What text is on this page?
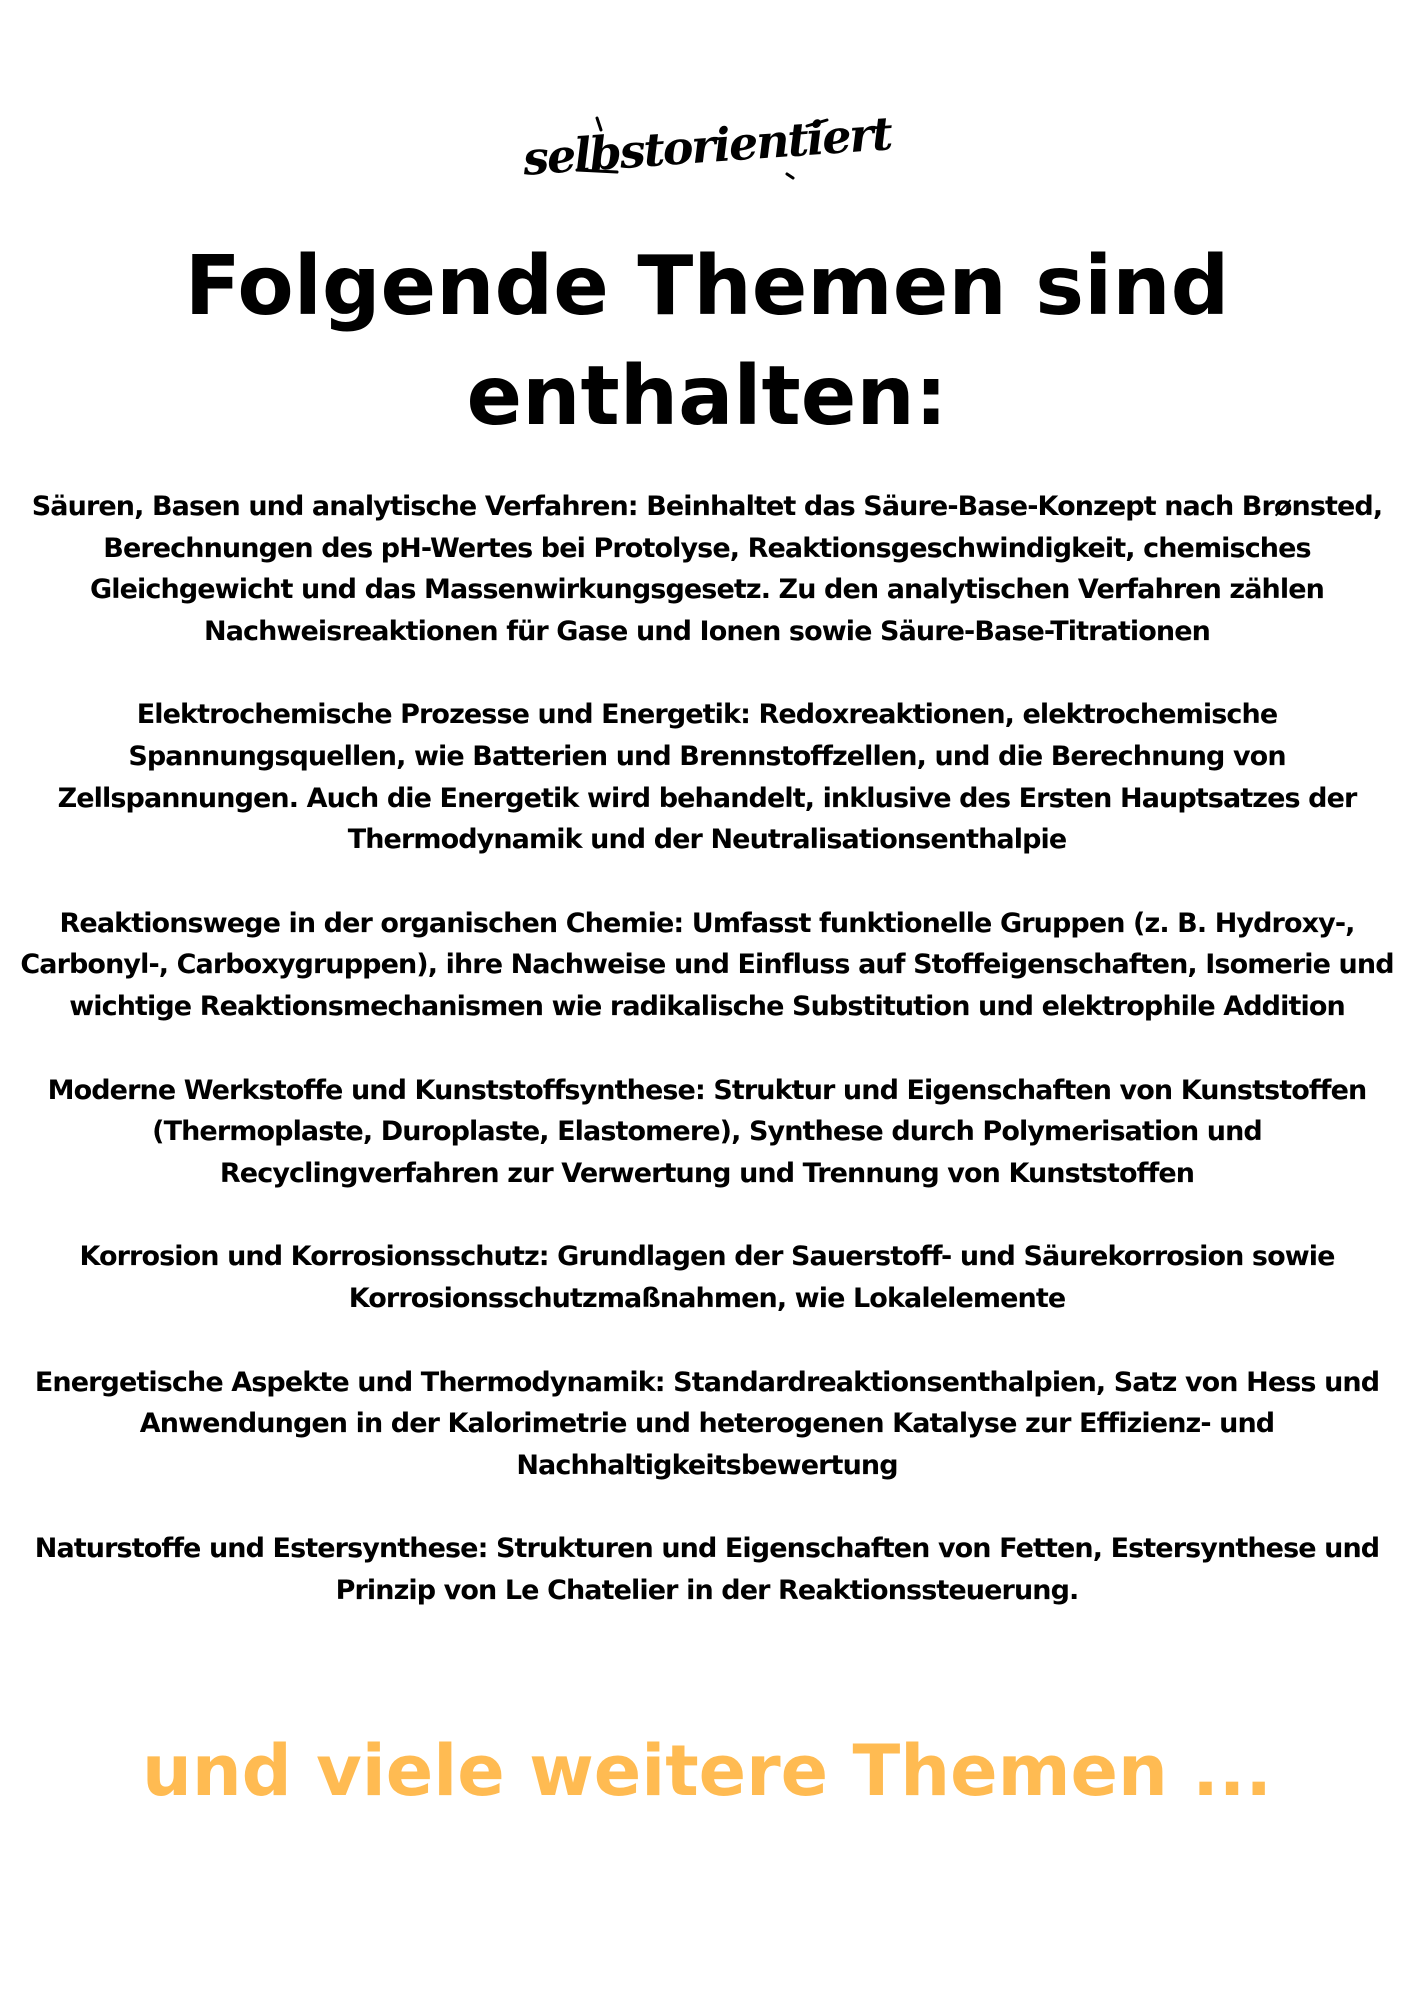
selbstorientiert
Folgende Themen sind enthalten:
Säuren, Basen und analytische Verfahren: Beinhaltet das Säure-Base-Konzept nach Brønsted, Berechnungen des pH-Wertes bei Protolyse, Reaktionsgeschwindigkeit, chemisches Gleichgewicht und das Massenwirkungsgesetz. Zu den analytischen Verfahren zählen Nachweisreaktionen für Gase und Ionen sowie Säure-Base-Titrationen
Elektrochemische Prozesse und Energetik: Redoxreaktionen, elektrochemische Spannungsquellen, wie Batterien und Brennstoffzellen, und die Berechnung von Zellspannungen. Auch die Energetik wird behandelt, inklusive des Ersten Hauptsatzes der Thermodynamik und der Neutralisationsenthalpie
Reaktionswege in der organischen Chemie: Umfasst funktionelle Gruppen (z. B. Hydroxy-, Carbonyl-, Carboxygruppen), ihre Nachweise und Einfluss auf Stoffeigenschaften, Isomerie und wichtige Reaktionsmechanismen wie radikalische Substitution und elektrophile Addition
Moderne Werkstoffe und Kunststoffsynthese: Struktur und Eigenschaften von Kunststoffen (Thermoplaste, Duroplaste, Elastomere), Synthese durch Polymerisation und Recyclingverfahren zur Verwertung und Trennung von Kunststoffen
Korrosion und Korrosionsschutz: Grundlagen der Sauerstoff- und Säurekorrosion sowie Korrosionsschutzmaßnahmen, wie Lokalelemente
Energetische Aspekte und Thermodynamik: Standardreaktionsenthalpien, Satz von Hess und Anwendungen in der Kalorimetrie und heterogenen Katalyse zur Effizienz- und Nachhaltigkeitsbewertung
Naturstoffe und Estersynthese: Strukturen und Eigenschaften von Fetten, Estersynthese und Prinzip von Le Chatelier in der Reaktionssteuerung.

und viele weitere Themen ...
